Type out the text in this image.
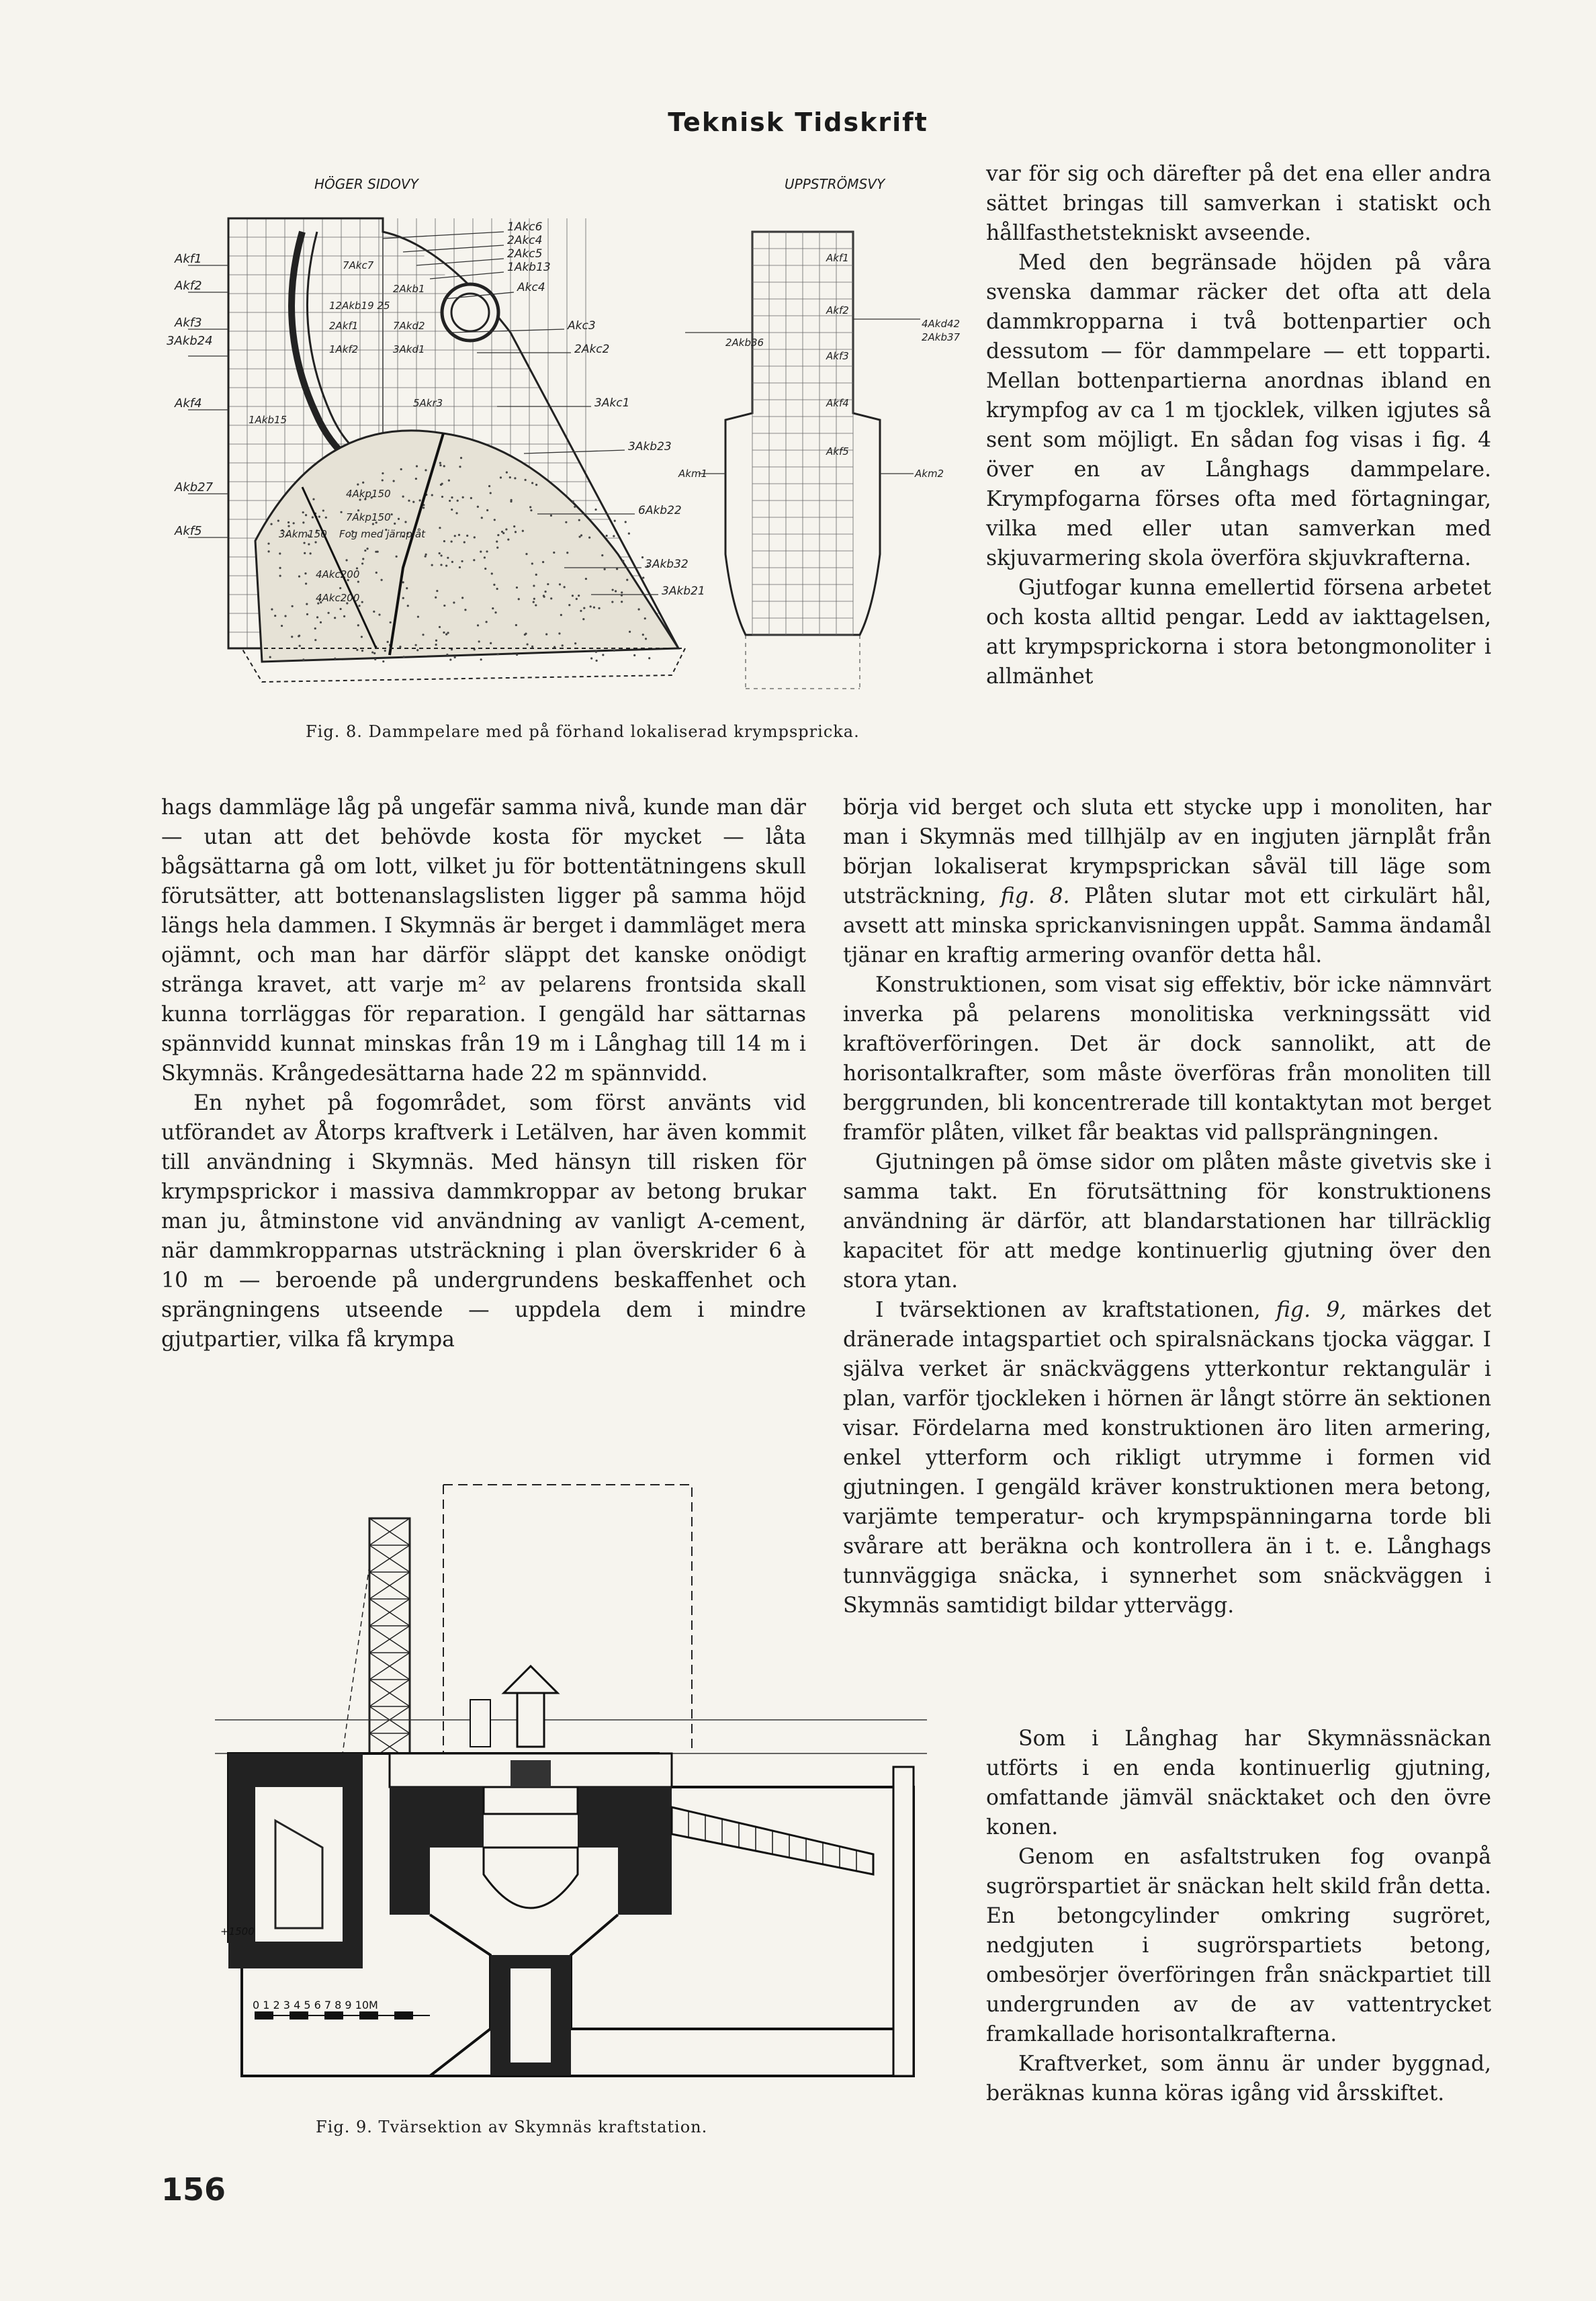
Teknisk Tidskrift
HÖGER SIDOVY	UPPSTRÖMSVY
Akf1
Akf2
Akf3
3Akb24
Akf4
Akb27
Akf5
1Akc6
2Akc4
2Akc5
1Akb13
Akc4
Akc3
2Akc2
3Akc1
3Akb23
6Akb22
3Akb32
3Akb21
7Akc7
2Akb1
12Akb19 25
2Akf1
1Akf2
7Akd2
3Akd1
5Akr3
1Akb15
4Akp150
7Akp150
Fog med järnplåt
3Akm150
4Akc200
4Akc200
Akf1
Akf2
Akf3
Akf4
Akf5
2Akb36
4Akd42
2Akb37
Akm1	Akm2
Fig. 8. Dammpelare med på förhand lokaliserad krympspricka.

var för sig och därefter på det ena eller andra sättet bringas till samverkan i statiskt och hållfasthetstekniskt avseende.

Med den begränsade höjden på våra svenska dammar räcker det ofta att dela dammkropparna i två bottenpartier och dessutom — för dammpelare — ett topparti. Mellan bottenpartierna anordnas ibland en krympfog av ca 1 m tjocklek, vilken igjutes så sent som möjligt. En sådan fog visas i fig. 4 över en av Långhags dammpelare. Krympfogarna förses ofta med förtagningar, vilka med eller utan samverkan med skjuvarmering skola överföra skjuvkrafterna.

Gjutfogar kunna emellertid försena arbetet och kosta alltid pengar. Ledd av iakttagelsen, att krympsprickorna i stora betongmonoliter i allmänhet

börja vid berget och sluta ett stycke upp i monoliten, har man i Skymnäs med tillhjälp av en ingjuten järnplåt från början lokaliserat krympsprickan såväl till läge som utsträckning, fig. 8. Plåten slutar mot ett cirkulärt hål, avsett att minska sprickanvisningen uppåt. Samma ändamål tjänar en kraftig armering ovanför detta hål.

Konstruktionen, som visat sig effektiv, bör icke nämnvärt inverka på pelarens monolitiska verkningssätt vid kraftöverföringen. Det är dock sannolikt, att de horisontalkrafter, som måste överföras från monoliten till berggrunden, bli koncentrerade till kontaktytan mot berget framför plåten, vilket får beaktas vid pallsprängningen.

Gjutningen på ömse sidor om plåten måste givetvis ske i samma takt. En förutsättning för konstruktionens användning är därför, att blandarstationen har tillräcklig kapacitet för att medge kontinuerlig gjutning över den stora ytan.

I tvärsektionen av kraftstationen, fig. 9, märkes det dränerade intagspartiet och spiralsnäckans tjocka väggar. I själva verket är snäckväggens ytterkontur rektangulär i plan, varför tjockleken i hörnen är långt större än sektionen visar. Fördelarna med konstruktionen äro liten armering, enkel ytterform och rikligt utrymme i formen vid gjutningen. I gengäld kräver konstruktionen mera betong, varjämte temperatur- och krympspänningarna torde bli svårare att beräkna och kontrollera än i t. e. Långhags tunnväggiga snäcka, i synnerhet som snäckväggen i Skymnäs samtidigt bildar yttervägg.

Som i Långhag har Skymnässnäckan utförts i en enda kontinuerlig gjutning, omfattande jämväl snäcktaket och den övre konen.

Genom en asfaltstruken fog ovanpå sugrörspartiet är snäckan helt skild från detta. En betongcylinder omkring sugröret, nedgjuten i sugrörspartiets betong, ombesörjer överföringen från snäckpartiet till undergrunden av de av vattentrycket framkallade horisontalkrafterna.

Kraftverket, som ännu är under byggnad, beräknas kunna köras igång vid årsskiftet.

hags dammläge låg på ungefär samma nivå, kunde man där — utan att det behövde kosta för mycket — låta bågsättarna gå om lott, vilket ju för bottentätningens skull förutsätter, att bottenanslagslisten ligger på samma höjd längs hela dammen. I Skymnäs är berget i dammläget mera ojämnt, och man har därför släppt det kanske onödigt stränga kravet, att varje m² av pelarens frontsida skall kunna torrläggas för reparation. I gengäld har sättarnas spännvidd kunnat minskas från 19 m i Långhag till 14 m i Skymnäs. Krångedesättarna hade 22 m spännvidd.

En nyhet på fogområdet, som först använts vid utförandet av Åtorps kraftverk i Letälven, har även kommit till användning i Skymnäs. Med hänsyn till risken för krympsprickor i massiva dammkroppar av betong brukar man ju, åtminstone vid användning av vanligt A-cement, när dammkropparnas utsträckning i plan överskrider 6 à 10 m — beroende på undergrundens beskaffenhet och sprängningens utseende — uppdela dem i mindre gjutpartier, vilka få krympa

0 1 2 3 4 5 6 7 8 9 10M
+1500
Fig. 9. Tvärsektion av Skymnäs kraftstation.
156
